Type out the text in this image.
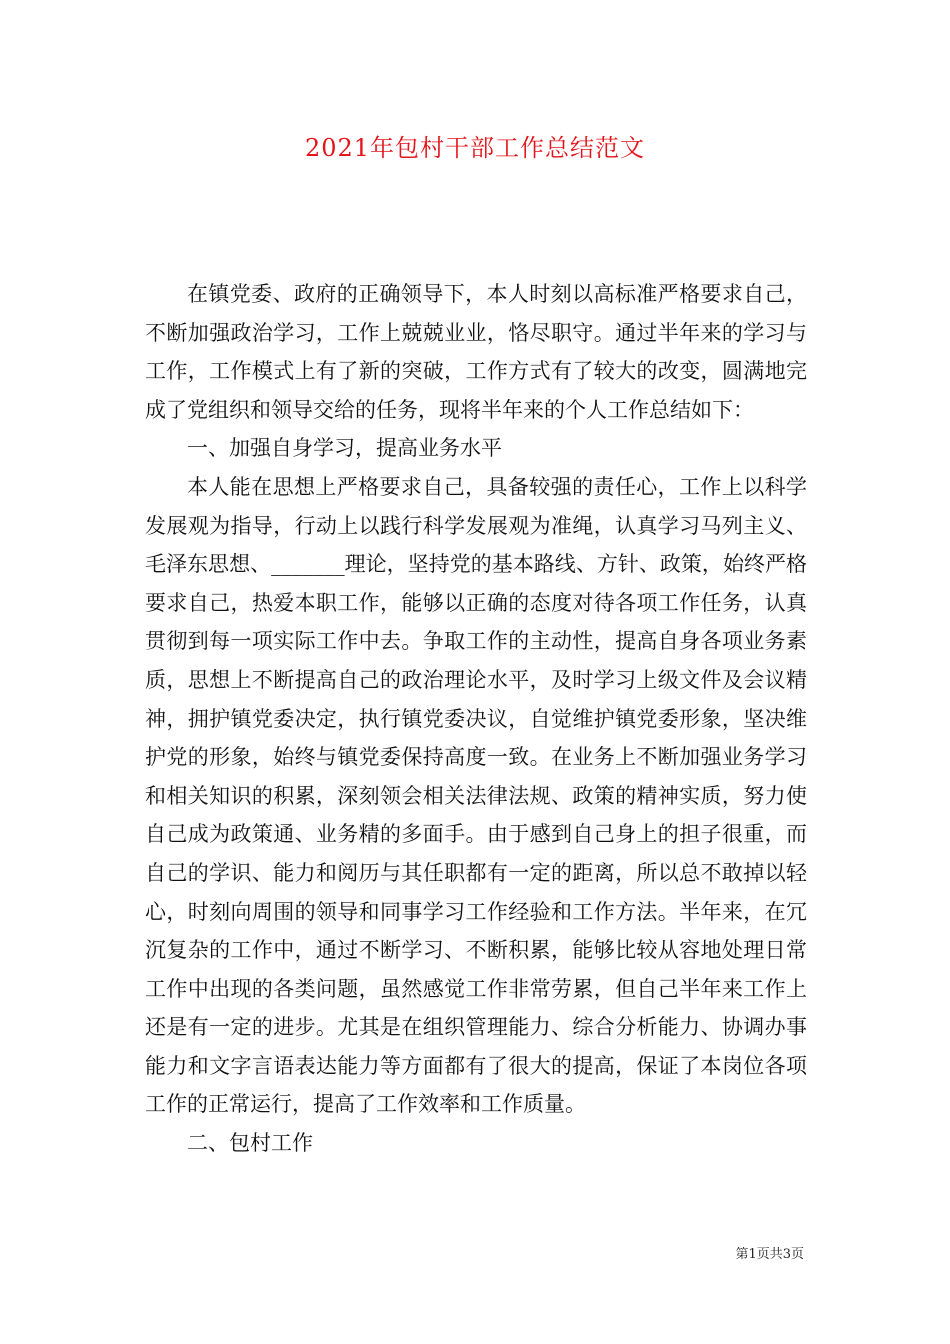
2021年包村干部工作总结范文

在镇党委、政府的正确领导下，本人时刻以高标准严格要求自己，不断加强政治学习，工作上兢兢业业，恪尽职守。通过半年来的学习与工作，工作模式上有了新的突破，工作方式有了较大的改变，圆满地完成了党组织和领导交给的任务，现将半年来的个人工作总结如下：

一、加强自身学习，提高业务水平

本人能在思想上严格要求自己，具备较强的责任心，工作上以科学发展观为指导，行动上以践行科学发展观为准绳，认真学习马列主义、毛泽东思想、_______理论，坚持党的基本路线、方针、政策，始终严格要求自己，热爱本职工作，能够以正确的态度对待各项工作任务，认真贯彻到每一项实际工作中去。争取工作的主动性，提高自身各项业务素质，思想上不断提高自己的政治理论水平，及时学习上级文件及会议精神，拥护镇党委决定，执行镇党委决议，自觉维护镇党委形象，坚决维护党的形象，始终与镇党委保持高度一致。在业务上不断加强业务学习和相关知识的积累，深刻领会相关法律法规、政策的精神实质，努力使自己成为政策通、业务精的多面手。由于感到自己身上的担子很重，而自己的学识、能力和阅历与其任职都有一定的距离，所以总不敢掉以轻心，时刻向周围的领导和同事学习工作经验和工作方法。半年来，在冗沉复杂的工作中，通过不断学习、不断积累，能够比较从容地处理日常工作中出现的各类问题，虽然感觉工作非常劳累，但自己半年来工作上还是有一定的进步。尤其是在组织管理能力、综合分析能力、协调办事能力和文字言语表达能力等方面都有了很大的提高，保证了本岗位各项工作的正常运行，提高了工作效率和工作质量。

二、包村工作

第1页共3页
